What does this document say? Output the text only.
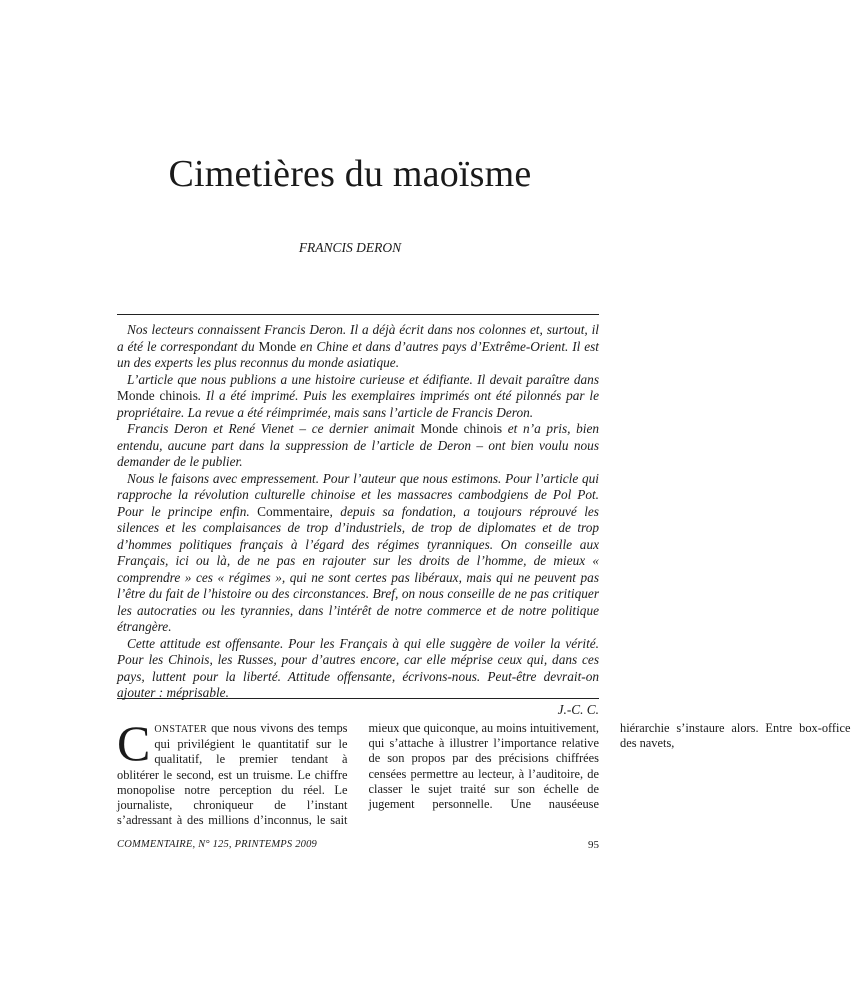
Cimetières du maoïsme

FRANCIS DERON

Nos lecteurs connaissent Francis Deron. Il a déjà écrit dans nos colonnes et, surtout, il a été le correspondant du Monde en Chine et dans d’autres pays d’Extrême-Orient. Il est un des experts les plus reconnus du monde asiatique.

L’article que nous publions a une histoire curieuse et édifiante. Il devait paraître dans Monde chinois. Il a été imprimé. Puis les exemplaires imprimés ont été pilonnés par le propriétaire. La revue a été réimprimée, mais sans l’article de Francis Deron.

Francis Deron et René Vienet – ce dernier animait Monde chinois et n’a pris, bien entendu, aucune part dans la suppression de l’article de Deron – ont bien voulu nous demander de le publier.

Nous le faisons avec empressement. Pour l’auteur que nous estimons. Pour l’article qui rapproche la révolution culturelle chinoise et les massacres cambodgiens de Pol Pot. Pour le principe enfin. Commentaire, depuis sa fondation, a toujours réprouvé les silences et les complaisances de trop d’industriels, de trop de diplomates et de trop d’hommes politiques français à l’égard des régimes tyranniques. On conseille aux Français, ici ou là, de ne pas en rajouter sur les droits de l’homme, de mieux « comprendre » ces « régimes », qui ne sont certes pas libéraux, mais qui ne peuvent pas l’être du fait de l’histoire ou des circonstances. Bref, on nous conseille de ne pas critiquer les autocraties ou les tyrannies, dans l’intérêt de notre commerce et de notre politique étrangère.

Cette attitude est offensante. Pour les Français à qui elle suggère de voiler la vérité. Pour les Chinois, les Russes, pour d’autres encore, car elle méprise ceux qui, dans ces pays, luttent pour la liberté. Attitude offensante, écrivons-nous. Peut-être devrait-on ajouter : méprisable.

J.-C. C.

CONSTATER que nous vivons des temps qui privilégient le quantitatif sur le qualitatif, le premier tendant à oblitérer le second, est un truisme. Le chiffre monopolise notre perception du réel. Le journaliste, chroniqueur de l’instant s’adressant à des millions d’inconnus, le sait mieux que quiconque, au moins intuitivement, qui s’attache à illustrer l’importance relative de son propos par des précisions chiffrées censées permettre au lecteur, à l’auditoire, de classer le sujet traité sur son échelle de jugement personnelle. Une nauséeuse hiérarchie s’instaure alors. Entre box-office des navets,

COMMENTAIRE, N° 125, PRINTEMPS 2009	95
